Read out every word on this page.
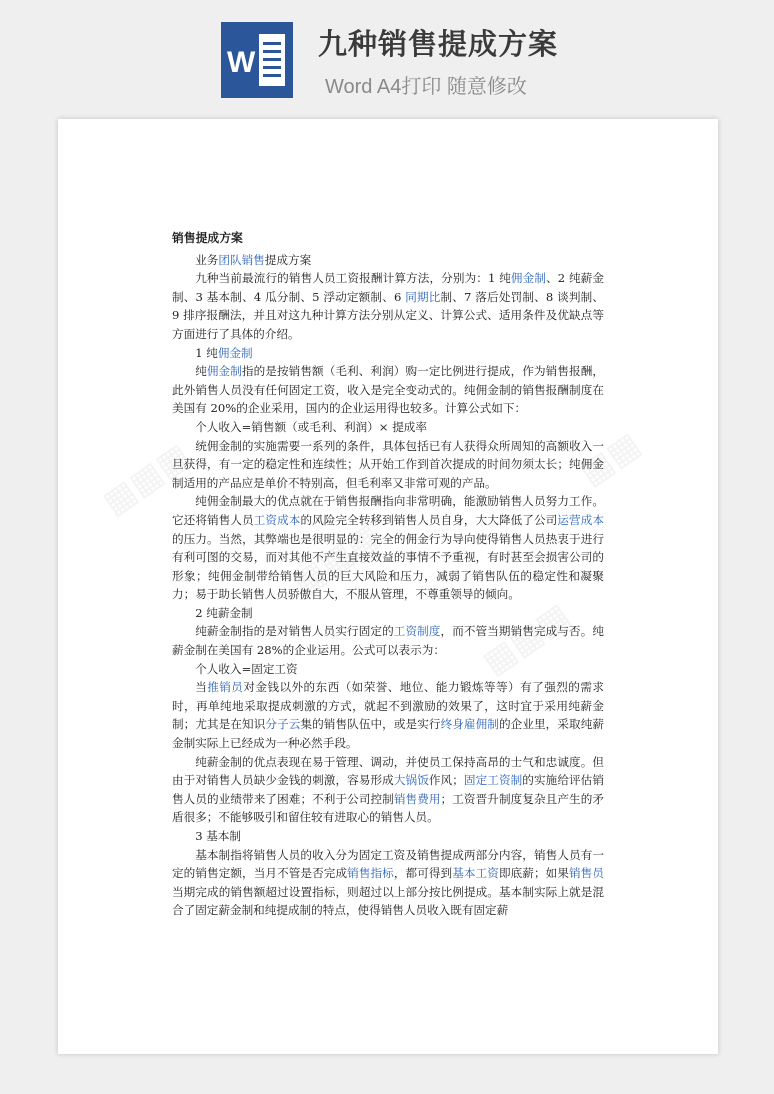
W
九种销售提成方案
Word A4打印 随意修改

销售提成方案

业务团队销售提成方案

九种当前最流行的销售人员工资报酬计算方法，分别为：1 纯佣金制、2 纯薪金制、3 基本制、4 瓜分制、5 浮动定额制、6 同期比制、7 落后处罚制、8 谈判制、9 排序报酬法，并且对这九种计算方法分别从定义、计算公式、适用条件及优缺点等方面进行了具体的介绍。

1 纯佣金制

纯佣金制指的是按销售额（毛利、利润）购一定比例进行提成，作为销售报酬，此外销售人员没有任何固定工资，收入是完全变动式的。纯佣金制的销售报酬制度在美国有 20%的企业采用，国内的企业运用得也较多。计算公式如下：

个人收入=销售额（或毛利、利润）× 提成率

统佣金制的实施需要一系列的条件，具体包括已有人获得众所周知的高额收入一旦获得，有一定的稳定性和连续性；从开始工作到首次提成的时间勿须太长；纯佣金制适用的产品应是单价不特别高，但毛利率又非常可观的产品。

纯佣金制最大的优点就在于销售报酬指向非常明确，能激励销售人员努力工作。它还将销售人员工资成本的风险完全转移到销售人员自身，大大降低了公司运营成本的压力。当然，其弊端也是很明显的：完全的佣金行为导向使得销售人员热衷于进行有利可图的交易，而对其他不产生直接效益的事情不予重视，有时甚至会损害公司的形象；纯佣金制带给销售人员的巨大风险和压力，减弱了销售队伍的稳定性和凝聚力；易于助长销售人员骄傲自大，不服从管理，不尊重领导的倾向。

2 纯薪金制

纯薪金制指的是对销售人员实行固定的工资制度，而不管当期销售完成与否。纯薪金制在美国有 28%的企业运用。公式可以表示为：

个人收入=固定工资

当推销员对金钱以外的东西（如荣誉、地位、能力锻炼等等）有了强烈的需求时，再单纯地采取提成刺激的方式，就起不到激励的效果了，这时宜于采用纯薪金制；尤其是在知识分子云集的销售队伍中，或是实行终身雇佣制的企业里，采取纯薪金制实际上已经成为一种必然手段。

纯薪金制的优点表现在易于管理、调动，并使员工保持高昂的士气和忠诚度。但由于对销售人员缺少金钱的刺激，容易形成大锅饭作风；固定工资制的实施给评估销售人员的业绩带来了困难；不利于公司控制销售费用；工资晋升制度复杂且产生的矛盾很多；不能够吸引和留住较有进取心的销售人员。

3 基本制

基本制指将销售人员的收入分为固定工资及销售提成两部分内容，销售人员有一定的销售定额，当月不管是否完成销售指标，都可得到基本工资即底薪；如果销售员当期完成的销售额超过设置指标，则超过以上部分按比例提成。基本制实际上就是混合了固定薪金制和纯提成制的特点，使得销售人员收入既有固定薪
